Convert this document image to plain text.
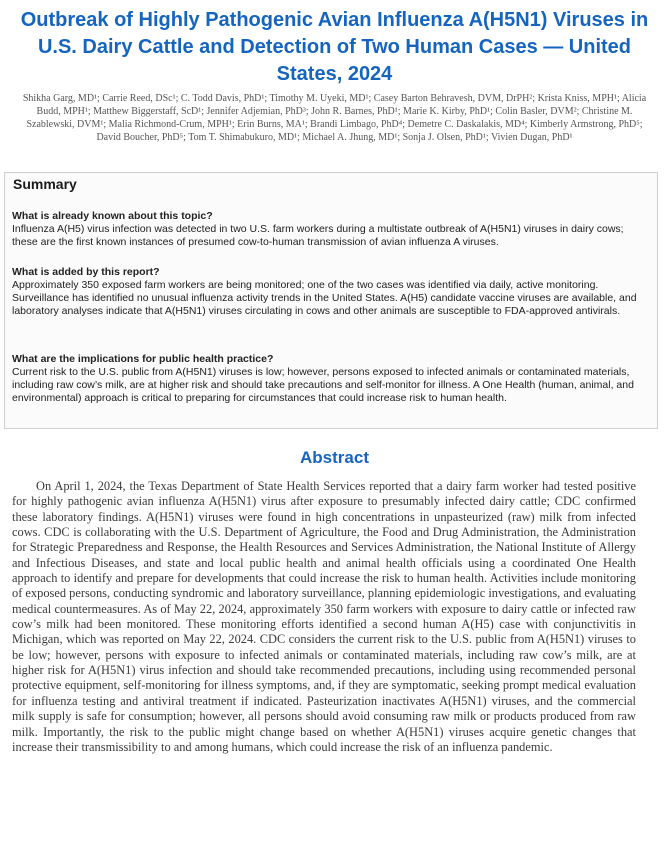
Outbreak of Highly Pathogenic Avian Influenza A(H5N1) Viruses in U.S. Dairy Cattle and Detection of Two Human Cases — United States, 2024

Shikha Garg, MD¹; Carrie Reed, DSc¹; C. Todd Davis, PhD¹; Timothy M. Uyeki, MD¹; Casey Barton Behravesh, DVM, DrPH²; Krista Kniss, MPH¹; Alicia Budd, MPH¹; Matthew Biggerstaff, ScD¹; Jennifer Adjemian, PhD³; John R. Barnes, PhD¹; Marie K. Kirby, PhD¹; Colin Basler, DVM²; Christine M. Szablewski, DVM¹; Malia Richmond-Crum, MPH¹; Erin Burns, MA¹; Brandi Limbago, PhD⁴; Demetre C. Daskalakis, MD⁴; Kimberly Armstrong, PhD⁵; David Boucher, PhD⁵; Tom T. Shimabukuro, MD¹; Michael A. Jhung, MD¹; Sonja J. Olsen, PhD¹; Vivien Dugan, PhD¹

Summary

What is already known about this topic?
Influenza A(H5) virus infection was detected in two U.S. farm workers during a multistate outbreak of A(H5N1) viruses in dairy cows; these are the first known instances of presumed cow-to-human transmission of avian influenza A viruses.

What is added by this report?
Approximately 350 exposed farm workers are being monitored; one of the two cases was identified via daily, active monitoring. Surveillance has identified no unusual influenza activity trends in the United States. A(H5) candidate vaccine viruses are available, and laboratory analyses indicate that A(H5N1) viruses circulating in cows and other animals are susceptible to FDA-approved antivirals.

What are the implications for public health practice?
Current risk to the U.S. public from A(H5N1) viruses is low; however, persons exposed to infected animals or contaminated materials, including raw cow’s milk, are at higher risk and should take precautions and self-monitor for illness. A One Health (human, animal, and environmental) approach is critical to preparing for circumstances that could increase risk to human health.

Abstract

On April 1, 2024, the Texas Department of State Health Services reported that a dairy farm worker had tested positive for highly pathogenic avian influenza A(H5N1) virus after exposure to presumably infected dairy cattle; CDC confirmed these laboratory findings. A(H5N1) viruses were found in high concentrations in unpasteurized (raw) milk from infected cows. CDC is collaborating with the U.S. Department of Agriculture, the Food and Drug Administration, the Administration for Strategic Preparedness and Response, the Health Resources and Services Administration, the National Institute of Allergy and Infectious Diseases, and state and local public health and animal health officials using a coordinated One Health approach to identify and prepare for developments that could increase the risk to human health. Activities include monitoring of exposed persons, conducting syndromic and laboratory surveillance, planning epidemiologic investigations, and evaluating medical countermeasures. As of May 22, 2024, approximately 350 farm workers with exposure to dairy cattle or infected raw cow’s milk had been monitored. These monitoring efforts identified a second human A(H5) case with conjunctivitis in Michigan, which was reported on May 22, 2024. CDC considers the current risk to the U.S. public from A(H5N1) viruses to be low; however, persons with exposure to infected animals or contaminated materials, including raw cow’s milk, are at higher risk for A(H5N1) virus infection and should take recommended precautions, including using recommended personal protective equipment, self-monitoring for illness symptoms, and, if they are symptomatic, seeking prompt medical evaluation for influenza testing and antiviral treatment if indicated. Pasteurization inactivates A(H5N1) viruses, and the commercial milk supply is safe for consumption; however, all persons should avoid consuming raw milk or products produced from raw milk. Importantly, the risk to the public might change based on whether A(H5N1) viruses acquire genetic changes that increase their transmissibility to and among humans, which could increase the risk of an influenza pandemic.
